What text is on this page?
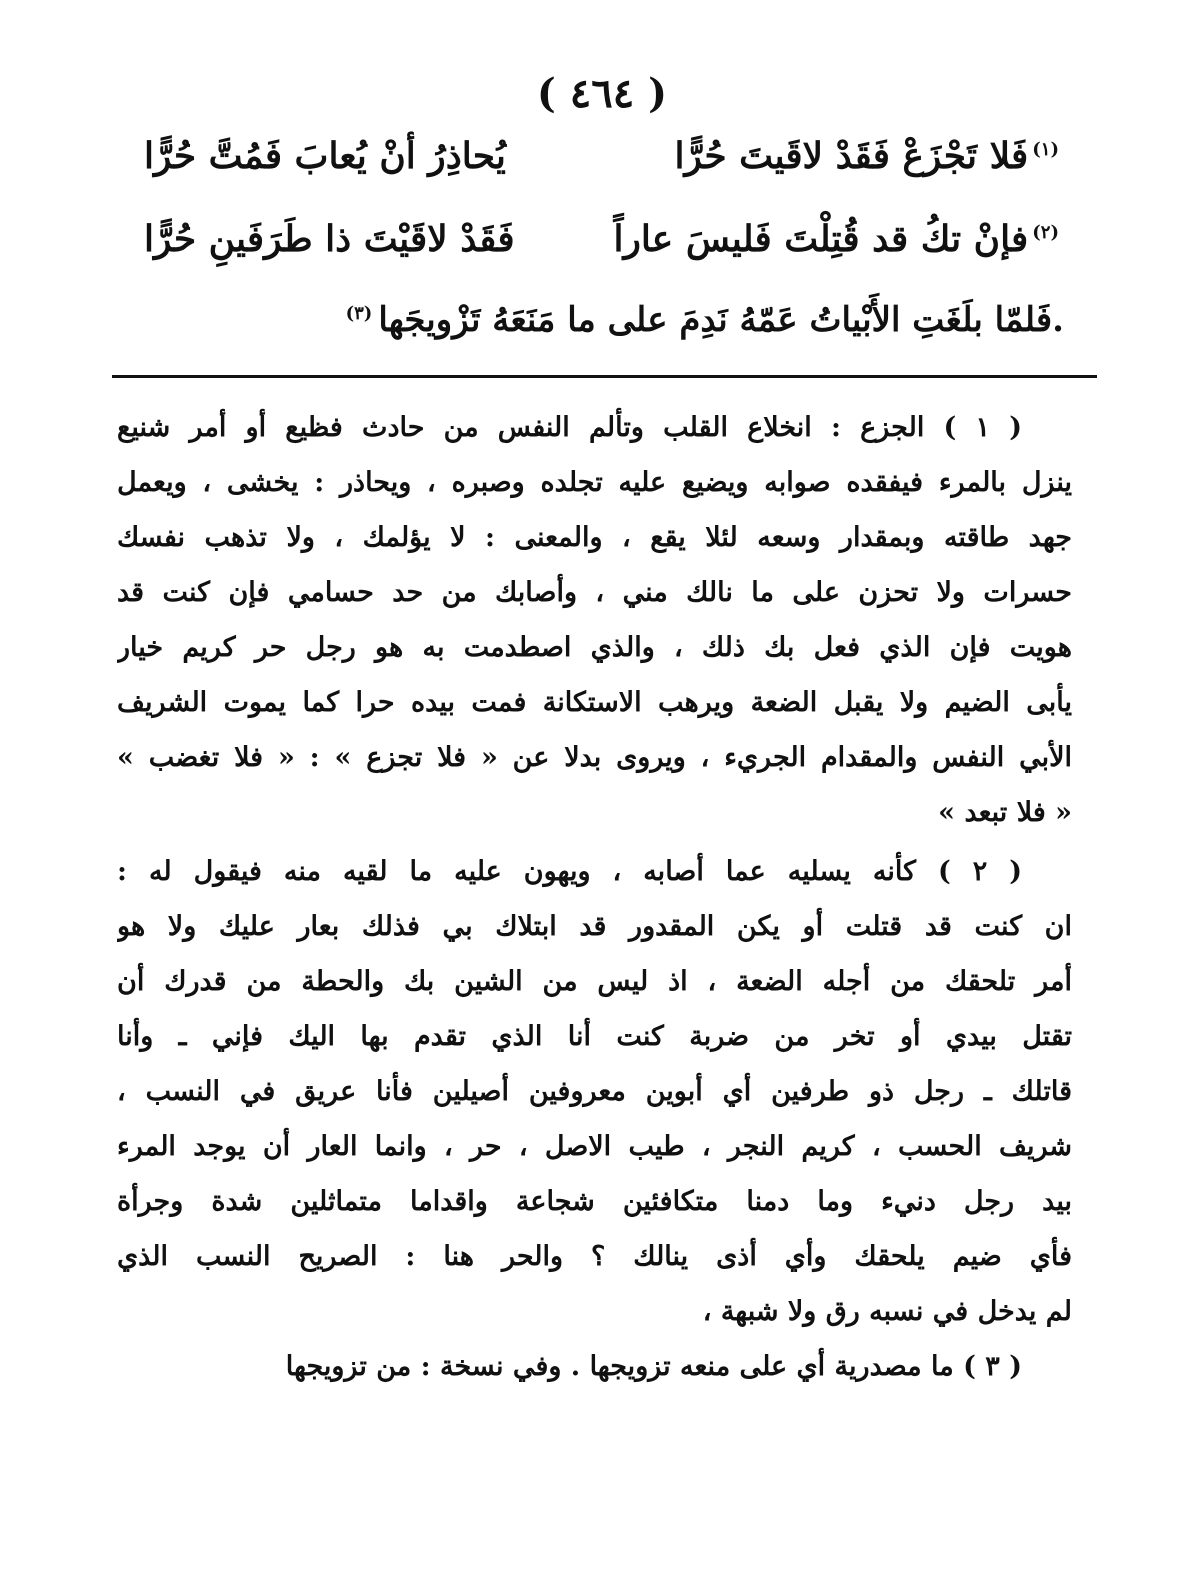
( ٤٦٤ )
$^{(١)}$فَلا تَجْزَعْ فَقَدْ لاقَيتَ حُرًّا
يُحاذِرُ أنْ يُعابَ فَمُتَّ حُرًّا
$^{(٢)}$فإنْ تكُ قد قُتِلْتَ فَليسَ عاراً
فَقَدْ لاقَيْتَ ذا طَرَفَينِ حُرًّا
.فَلمّا بلَغَتِ الأَبْياتُ عَمّهُ نَدِمَ على ما مَنَعَهُ تَزْويجَها$^{(٣)}$
( ١ ) الجزع : انخلاع القلب وتألم النفس من حادث فظيع أو أمر شنيع
ينزل بالمرء فيفقده صوابه ويضيع عليه تجلده وصبره ، ويحاذر : يخشى ، ويعمل
جهد طاقته وبمقدار وسعه لئلا يقع ، والمعنى : لا يؤلمك ، ولا تذهب نفسك
حسرات ولا تحزن على ما نالك مني ، وأصابك من حد حسامي فإن كنت قد
هويت فإن الذي فعل بك ذلك ، والذي اصطدمت به هو رجل حر كريم خيار
يأبى الضيم ولا يقبل الضعة ويرهب الاستكانة فمت بيده حرا كما يموت الشريف
الأبي النفس والمقدام الجريء ، ويروى بدلا عن « فلا تجزع » : « فلا تغضب »
« فلا تبعد »
( ٢ ) كأنه يسليه عما أصابه ، ويهون عليه ما لقيه منه فيقول له :
ان كنت قد قتلت أو يكن المقدور قد ابتلاك بي فذلك بعار عليك ولا هو
أمر تلحقك من أجله الضعة ، اذ ليس من الشين بك والحطة من قدرك أن
تقتل بيدي أو تخر من ضربة كنت أنا الذي تقدم بها اليك فإني ـ وأنا
قاتلك ـ رجل ذو طرفين أي أبوين معروفين أصيلين فأنا عريق في النسب ،
شريف الحسب ، كريم النجر ، طيب الاصل ، حر ، وانما العار أن يوجد المرء
بيد رجل دنيء وما دمنا متكافئين شجاعة واقداما متماثلين شدة وجرأة
فأي ضيم يلحقك وأي أذى ينالك ؟ والحر هنا : الصريح النسب الذي
لم يدخل في نسبه رق ولا شبهة ،
( ٣ ) ما مصدرية أي على منعه تزويجها . وفي نسخة : من تزويجها
